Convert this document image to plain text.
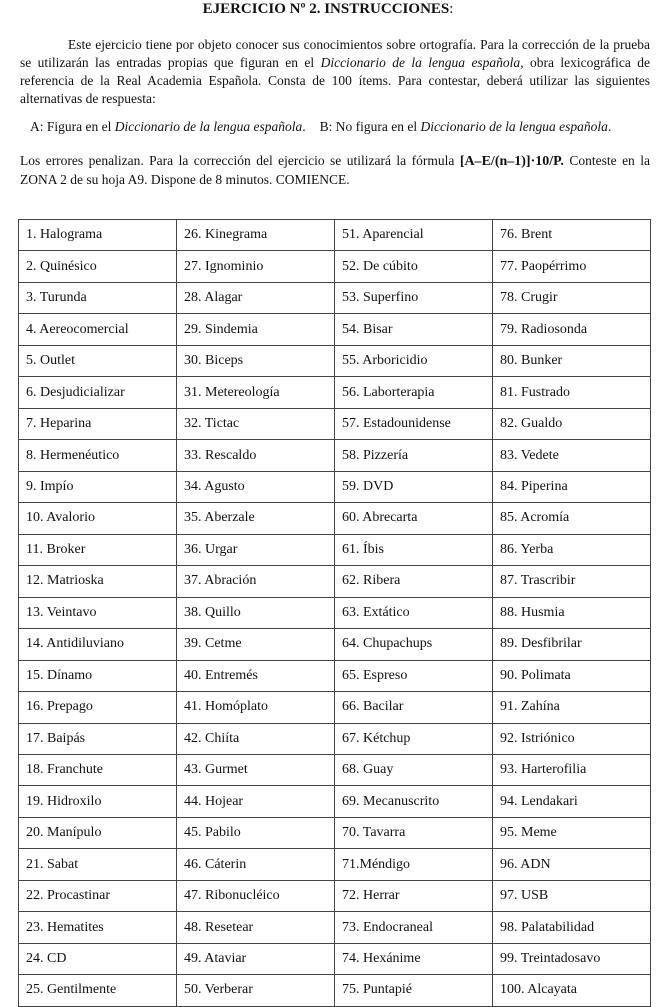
EJERCICIO Nº 2. INSTRUCCIONES:

Este ejercicio tiene por objeto conocer sus conocimientos sobre ortografía. Para la corrección de la prueba se utilizarán las entradas propias que figuran en el Diccionario de la lengua española, obra lexicográfica de referencia de la Real Academia Española. Consta de 100 ítems. Para contestar, deberá utilizar las siguientes alternativas de respuesta:

A: Figura en el Diccionario de la lengua española. B: No figura en el Diccionario de la lengua española.

Los errores penalizan. Para la corrección del ejercicio se utilizará la fórmula [A–E/(n–1)]·10/P. Conteste en la ZONA 2 de su hoja A9. Dispone de 8 minutos. COMIENCE.

1. Halograma	26. Kinegrama	51. Aparencial	76. Brent
2. Quinésico	27. Ignominio	52. De cúbito	77. Paopérrimo
3. Turunda	28. Alagar	53. Superfino	78. Crugir
4. Aereocomercial	29. Sindemia	54. Bisar	79. Radiosonda
5. Outlet	30. Biceps	55. Arboricidio	80. Bunker
6. Desjudicializar	31. Metereología	56. Laborterapia	81. Fustrado
7. Heparina	32. Tictac	57. Estadounidense	82. Gualdo
8. Hermenéutico	33. Rescaldo	58. Pizzería	83. Vedete
9. Impío	34. Agusto	59. DVD	84. Piperina
10. Avalorio	35. Aberzale	60. Abrecarta	85. Acromía
11. Broker	36. Urgar	61. Íbis	86. Yerba
12. Matrioska	37. Abración	62. Ribera	87. Trascribir
13. Veintavo	38. Quillo	63. Extático	88. Husmia
14. Antidiluviano	39. Cetme	64. Chupachups	89. Desfibrilar
15. Dínamo	40. Entremés	65. Espreso	90. Polimata
16. Prepago	41. Homóplato	66. Bacilar	91. Zahína
17. Baipás	42. Chiíta	67. Kétchup	92. Istriónico
18. Franchute	43. Gurmet	68. Guay	93. Harterofilia
19. Hidroxilo	44. Hojear	69. Mecanuscrito	94. Lendakari
20. Manípulo	45. Pabilo	70. Tavarra	95. Meme
21. Sabat	46. Cáterin	71.Méndigo	96. ADN
22. Procastinar	47. Ribonucléico	72. Herrar	97. USB
23. Hematites	48. Resetear	73. Endocraneal	98. Palatabilidad
24. CD	49. Ataviar	74. Hexánime	99. Treintadosavo
25. Gentilmente	50. Verberar	75. Puntapié	100. Alcayata
